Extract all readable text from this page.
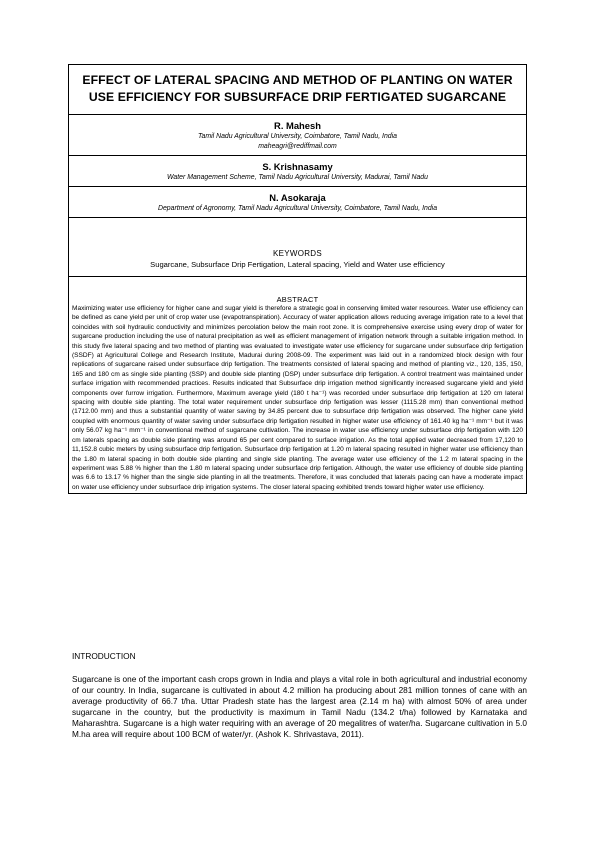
EFFECT OF LATERAL SPACING AND METHOD OF PLANTING ON WATER USE EFFICIENCY FOR SUBSURFACE DRIP FERTIGATED SUGARCANE

R. Mahesh
Tamil Nadu Agricultural University, Coimbatore, Tamil Nadu, India
maheagri@rediffmail.com
S. Krishnasamy
Water Management Scheme, Tamil Nadu Agricultural University, Madurai, Tamil Nadu
N. Asokaraja
Department of Agronomy, Tamil Nadu Agricultural University, Coimbatore, Tamil Nadu, India
KEYWORDS
Sugarcane, Subsurface Drip Fertigation, Lateral spacing, Yield and Water use efficiency
ABSTRACT

Maximizing water use efficiency for higher cane and sugar yield is therefore a strategic goal in conserving limited water resources. Water use efficiency can be defined as cane yield per unit of crop water use (evapotranspiration). Accuracy of water application allows reducing average irrigation rate to a level that coincides with soil hydraulic conductivity and minimizes percolation below the main root zone. It is comprehensive exercise using every drop of water for sugarcane production including the use of natural precipitation as well as efficient management of irrigation network through a suitable irrigation method. In this study five lateral spacing and two method of planting was evaluated to investigate water use efficiency for sugarcane under subsurface drip fertigation (SSDF) at Agricultural College and Research Institute, Madurai during 2008-09. The experiment was laid out in a randomized block design with four replications of sugarcane raised under subsurface drip fertigation. The treatments consisted of lateral spacing and method of planting viz., 120, 135, 150, 165 and 180 cm as single side planting (SSP) and double side planting (DSP) under subsurface drip fertigation. A control treatment was maintained under surface irrigation with recommended practices. Results indicated that Subsurface drip irrigation method significantly increased sugarcane yield and yield components over furrow irrigation. Furthermore, Maximum average yield (180 t ha⁻¹) was recorded under subsurface drip fertigation at 120 cm lateral spacing with double side planting. The total water requirement under subsurface drip fertigation was lesser (1115.28 mm) than conventional method (1712.00 mm) and thus a substantial quantity of water saving by 34.85 percent due to subsurface drip fertigation was observed. The higher cane yield coupled with enormous quantity of water saving under subsurface drip fertigation resulted in higher water use efficiency of 161.40 kg ha⁻¹ mm⁻¹ but it was only 56.07 kg ha⁻¹ mm⁻¹ in conventional method of sugarcane cultivation. The increase in water use efficiency under subsurface drip fertigation with 120 cm laterals spacing as double side planting was around 65 per cent compared to surface irrigation. As the total applied water decreased from 17,120 to 11,152.8 cubic meters by using subsurface drip fertigation. Subsurface drip fertigation at 1.20 m lateral spacing resulted in higher water use efficiency than the 1.80 m lateral spacing in both double side planting and single side planting. The average water use efficiency of the 1.2 m lateral spacing in the experiment was 5.88 % higher than the 1.80 m lateral spacing under subsurface drip fertigation. Although, the water use efficiency of double side planting was 6.6 to 13.17 % higher than the single side planting in all the treatments. Therefore, it was concluded that laterals pacing can have a moderate impact on water use efficiency under subsurface drip irrigation systems. The closer lateral spacing exhibited trends toward higher water use efficiency.

INTRODUCTION

Sugarcane is one of the important cash crops grown in India and plays a vital role in both agricultural and industrial economy of our country. In India, sugarcane is cultivated in about 4.2 million ha producing about 281 million tonnes of cane with an average productivity of 66.7 t/ha. Uttar Pradesh state has the largest area (2.14 m ha) with almost 50% of area under sugarcane in the country, but the productivity is maximum in Tamil Nadu (134.2 t/ha) followed by Karnataka and Maharashtra. Sugarcane is a high water requiring with an average of 20 megalitres of water/ha. Sugarcane cultivation in 5.0 M.ha area will require about 100 BCM of water/yr. (Ashok K. Shrivastava, 2011).
